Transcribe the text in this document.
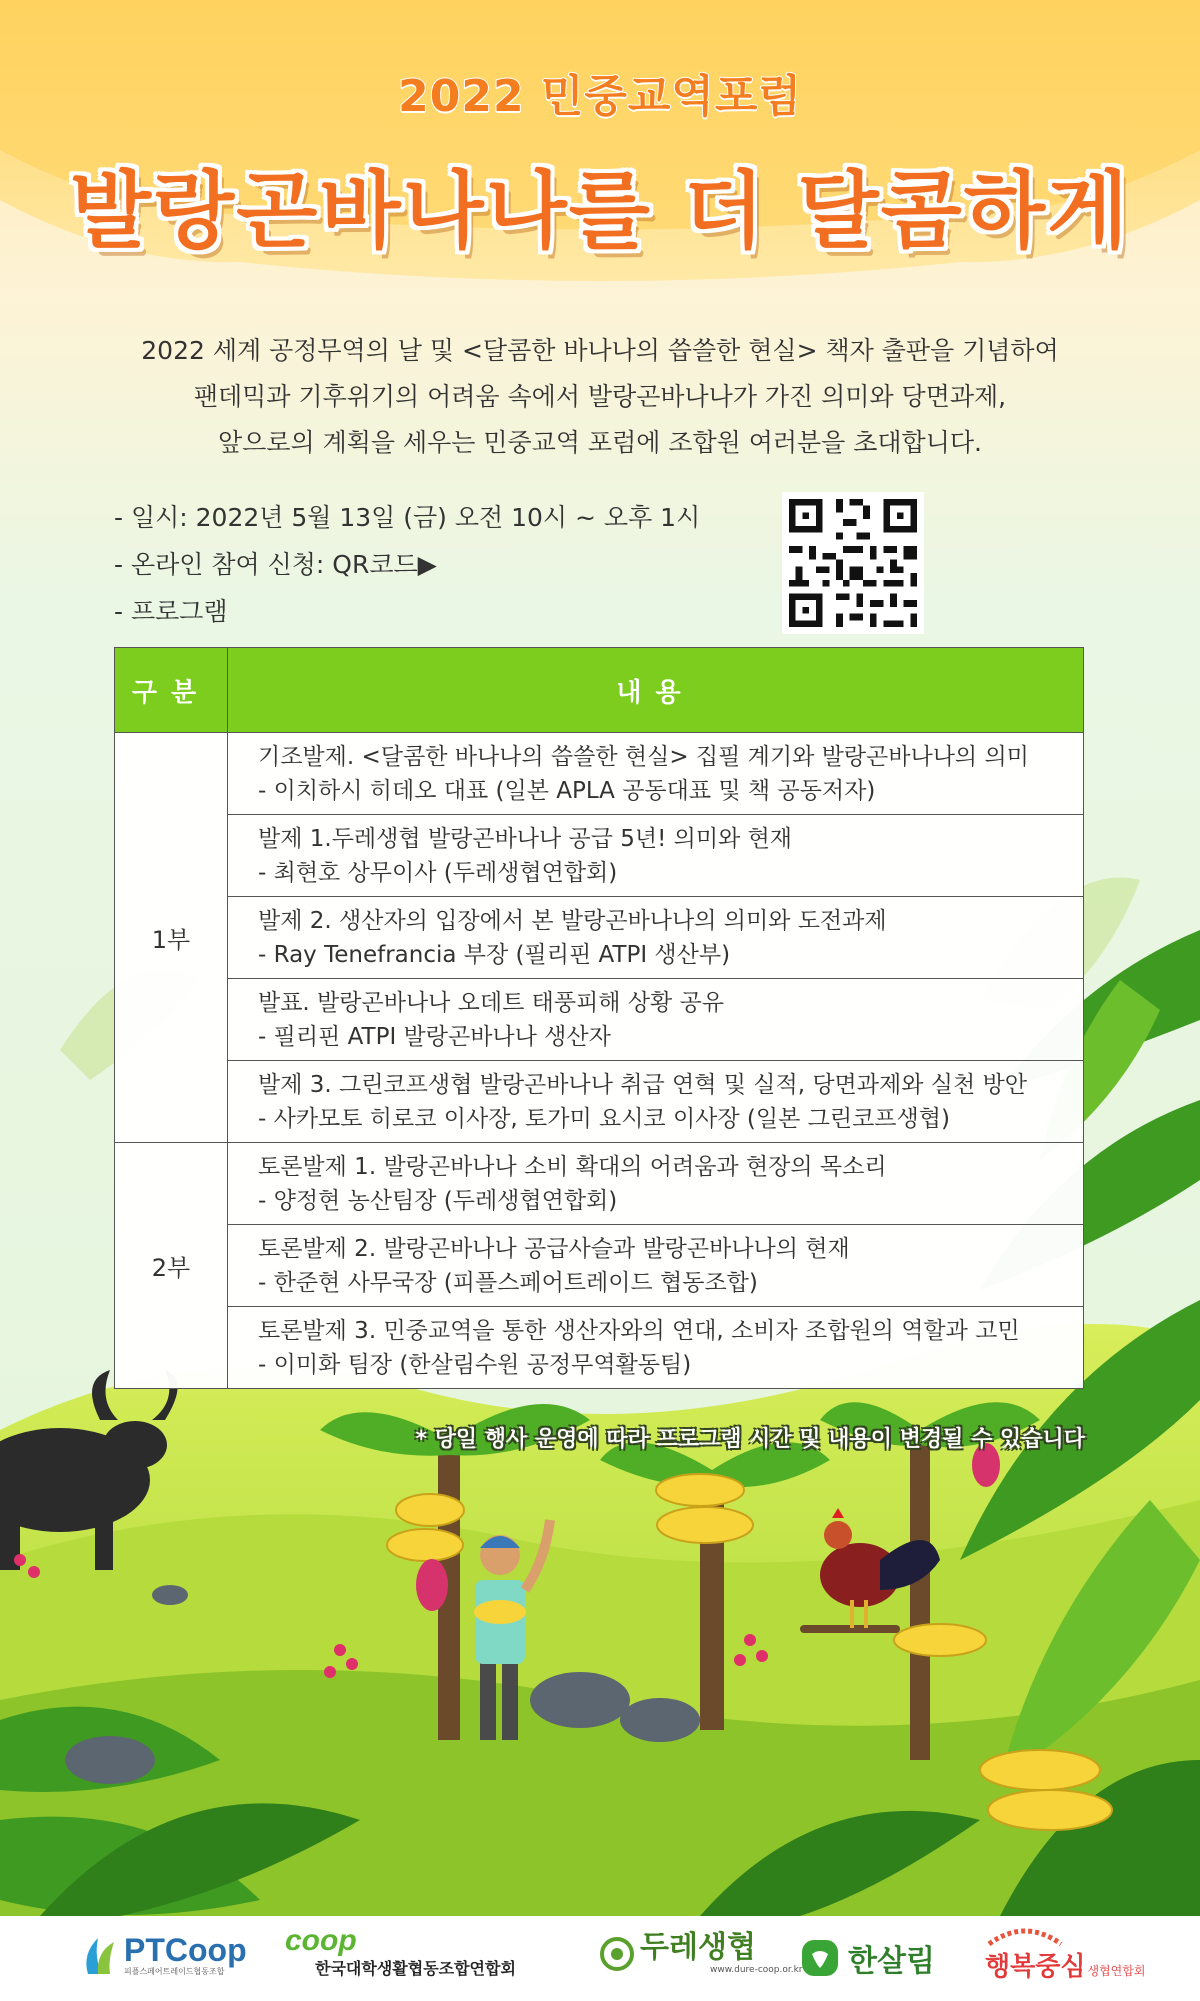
2022 민중교역포럼
발랑곤바나나를 더 달콤하게
2022 세계 공정무역의 날 및 <달콤한 바나나의 씁쓸한 현실> 책자 출판을 기념하여
팬데믹과 기후위기의 어려움 속에서 발랑곤바나나가 가진 의미와 당면과제,
앞으로의 계획을 세우는 민중교역 포럼에 조합원 여러분을 초대합니다.
- 일시: 2022년 5월 13일 (금) 오전 10시 ~ 오후 1시
- 온라인 참여 신청: QR코드▶
- 프로그램
구분	내용
1부	기조발제. <달콤한 바나나의 씁쓸한 현실> 집필 계기와 발랑곤바나나의 의미
- 이치하시 히데오 대표 (일본 APLA 공동대표 및 책 공동저자)

	발제 1.두레생협 발랑곤바나나 공급 5년! 의미와 현재
- 최현호 상무이사 (두레생협연합회)

	발제 2. 생산자의 입장에서 본 발랑곤바나나의 의미와 도전과제
- Ray Tenefrancia 부장 (필리핀 ATPI 생산부)

	발표. 발랑곤바나나 오데트 태풍피해 상황 공유
- 필리핀 ATPI 발랑곤바나나 생산자

	발제 3. 그린코프생협 발랑곤바나나 취급 연혁 및 실적, 당면과제와 실천 방안
- 사카모토 히로코 이사장, 토가미 요시코 이사장 (일본 그린코프생협)

2부	토론발제 1. 발랑곤바나나 소비 확대의 어려움과 현장의 목소리
- 양정현 농산팀장 (두레생협연합회)

	토론발제 2. 발랑곤바나나 공급사슬과 발랑곤바나나의 현재
- 한준현 사무국장 (피플스페어트레이드 협동조합)

	토론발제 3. 민중교역을 통한 생산자와의 연대, 소비자 조합원의 역할과 고민
- 이미화 팀장 (한살림수원 공정무역활동팀)
* 당일 행사 운영에 따라 프로그램 시간 및 내용이 변경될 수 있습니다
PTCoop
피플스페어트레이드협동조합
coop
한국대학생활협동조합연합회
두레생협
www.dure-coop.or.kr 한살림 행복중심 생협연합회
